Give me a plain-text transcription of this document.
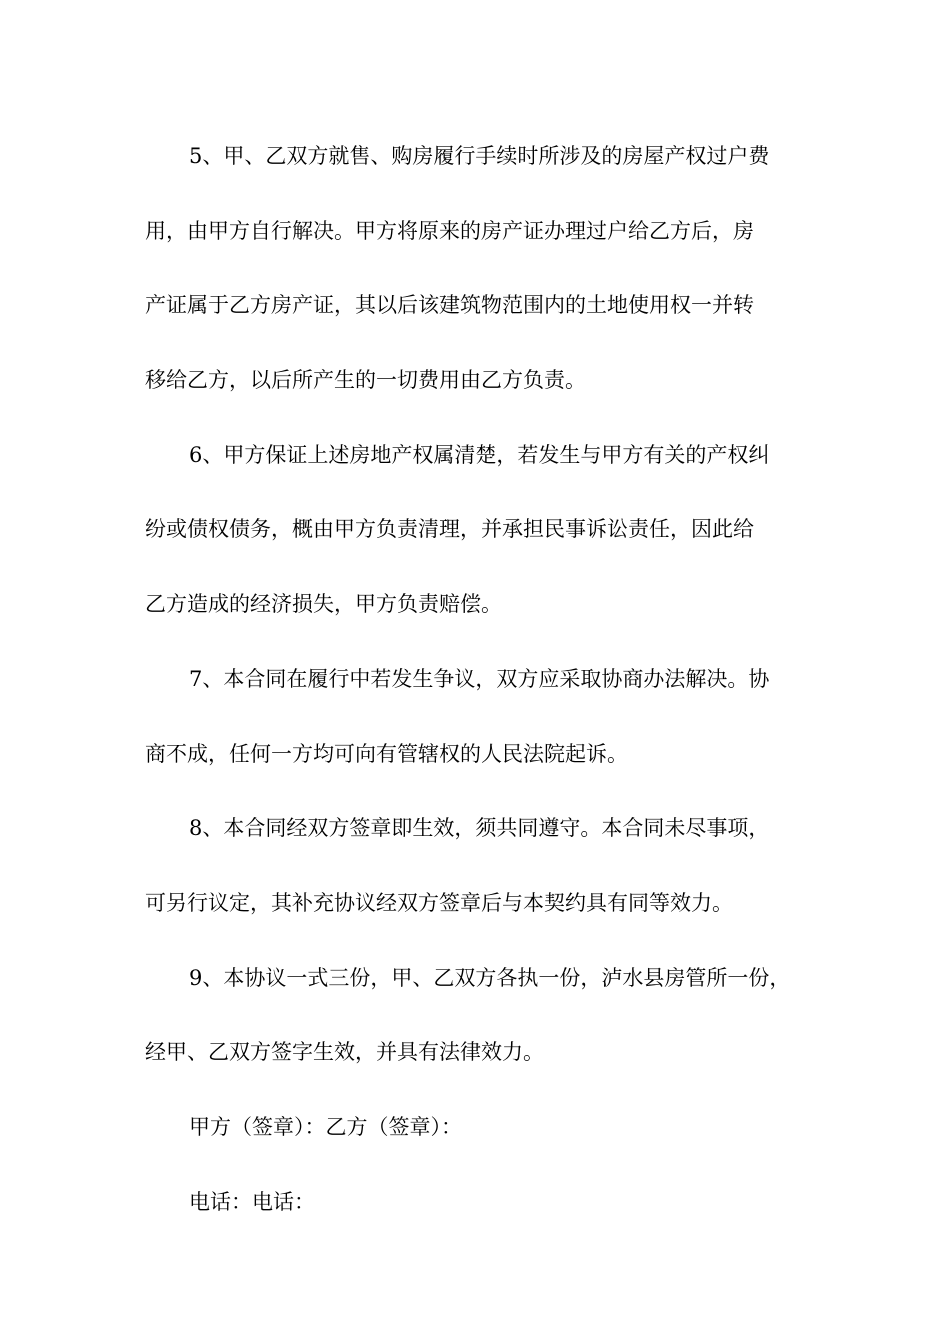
5、甲、乙双方就售、购房履行手续时所涉及的房屋产权过户费
用，由甲方自行解决。甲方将原来的房产证办理过户给乙方后，房
产证属于乙方房产证，其以后该建筑物范围内的土地使用权一并转
移给乙方，以后所产生的一切费用由乙方负责。
6、甲方保证上述房地产权属清楚，若发生与甲方有关的产权纠
纷或债权债务，概由甲方负责清理，并承担民事诉讼责任，因此给
乙方造成的经济损失，甲方负责赔偿。
7、本合同在履行中若发生争议，双方应采取协商办法解决。协
商不成，任何一方均可向有管辖权的人民法院起诉。
8、本合同经双方签章即生效，须共同遵守。本合同未尽事项，
可另行议定，其补充协议经双方签章后与本契约具有同等效力。
9、本协议一式三份，甲、乙双方各执一份，泸水县房管所一份，
经甲、乙双方签字生效，并具有法律效力。
甲方（签章）：乙方（签章）：
电话：电话：
